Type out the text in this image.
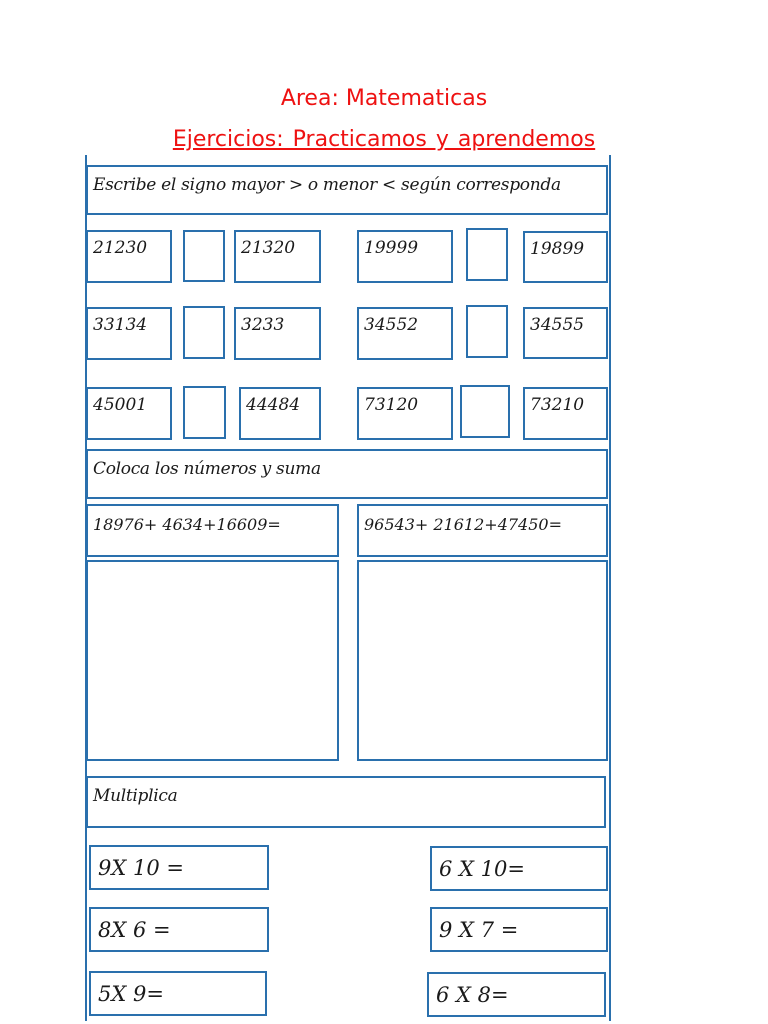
Area: Matematicas
Ejercicios: Practicamos y aprendemos
Escribe el signo mayor > o menor < según corresponda
21230	21320	19999	19899
33134	3233	34552	34555
45001	44484	73120	73210
Coloca los números y suma
18976+ 4634+16609=	96543+ 21612+47450=
Multiplica
9X 10 =	6 X 10=
8X 6 =	9 X 7 =
5X 9=	6 X 8=
